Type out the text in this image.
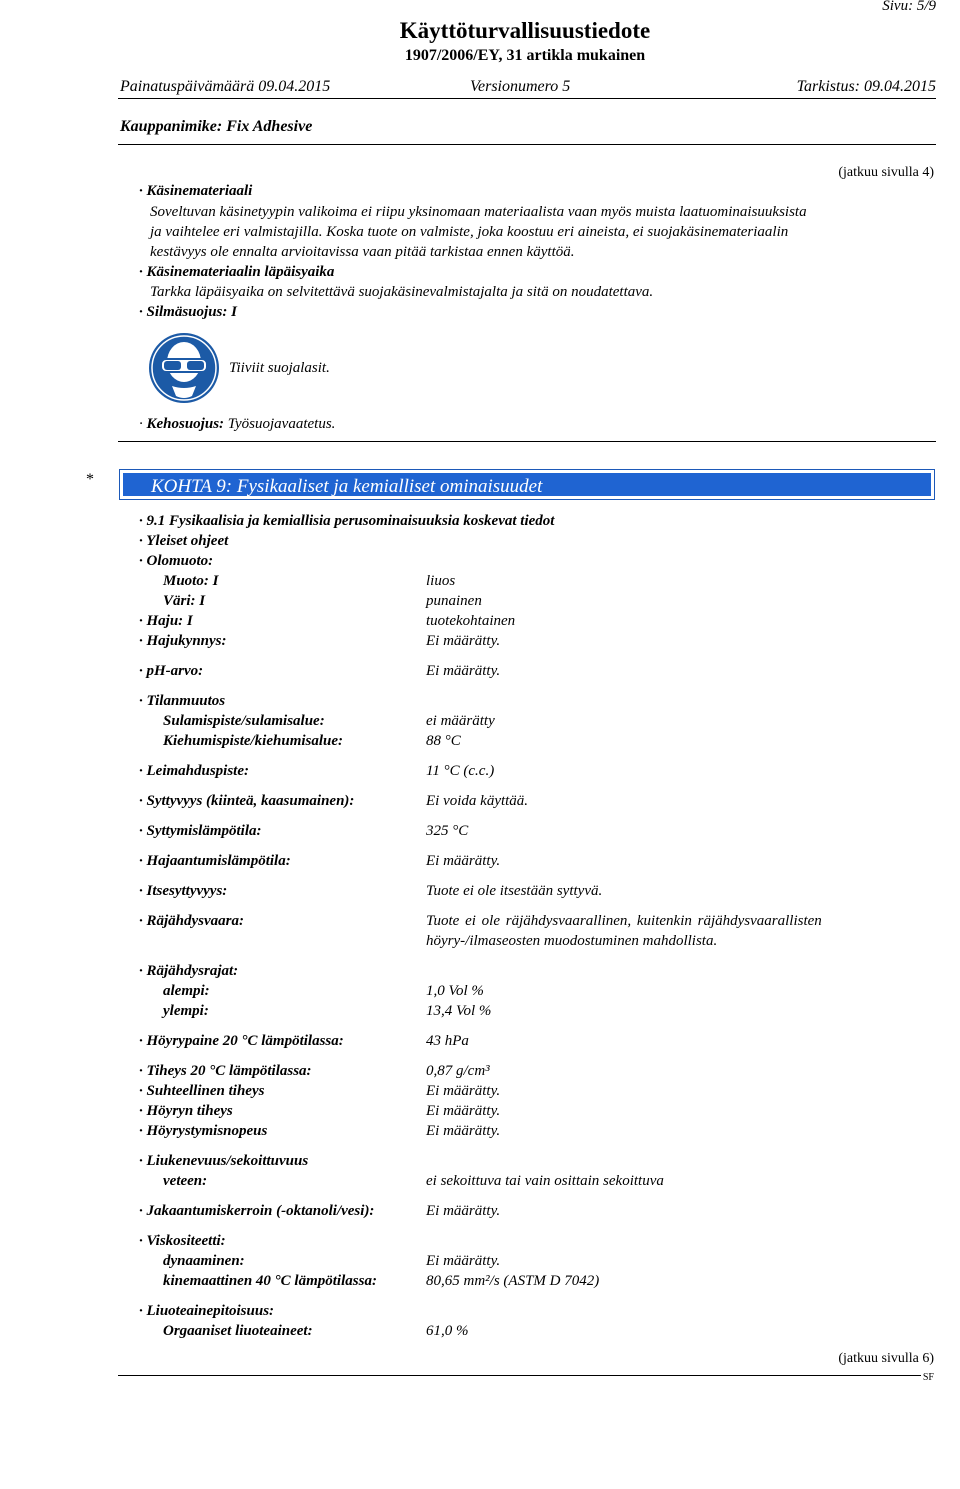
Sivu: 5/9
Käyttöturvallisuustiedote
1907/2006/EY, 31 artikla mukainen
Painatuspäivämäärä 09.04.2015	Versionumero 5	Tarkistus: 09.04.2015
Kauppanimike: Fix Adhesive
(jatkuu sivulla 4)
· Käsinemateriaali
Soveltuvan käsinetyypin valikoima ei riipu yksinomaan materiaalista vaan myös muista laatuominaisuuksista
ja vaihtelee eri valmistajilla. Koska tuote on valmiste, joka koostuu eri aineista, ei suojakäsinemateriaalin
kestävyys ole ennalta arvioitavissa vaan pitää tarkistaa ennen käyttöä.
· Käsinemateriaalin läpäisyaika
Tarkka läpäisyaika on selvitettävä suojakäsinevalmistajalta ja sitä on noudatettava.
· Silmäsuojus: I
Tiiviit suojalasit.
· Kehosuojus: Työsuojavaatetus.
*	KOHTA 9: Fysikaaliset ja kemialliset ominaisuudet
· 9.1 Fysikaalisia ja kemiallisia perusominaisuuksia koskevat tiedot
· Yleiset ohjeet
· Olomuoto:
Muoto: I	liuos
Väri: I	punainen
· Haju: I	tuotekohtainen
· Hajukynnys:	Ei määrätty.
· pH-arvo:	Ei määrätty.
· Tilanmuutos
Sulamispiste/sulamisalue:	ei määrätty
Kiehumispiste/kiehumisalue:	88 °C
· Leimahduspiste:	11 °C (c.c.)
· Syttyvyys (kiinteä, kaasumainen):	Ei voida käyttää.
· Syttymislämpötila:	325 °C
· Hajaantumislämpötila:	Ei määrätty.
· Itsesyttyvyys:	Tuote ei ole itsestään syttyvä.
· Räjähdysvaara:	Tuote ei ole räjähdysvaarallinen, kuitenkin räjähdysvaarallisten
höyry-/ilmaseosten muodostuminen mahdollista.
· Räjähdysrajat:
alempi:	1,0 Vol %
ylempi:	13,4 Vol %
· Höyrypaine 20 °C lämpötilassa:	43 hPa
· Tiheys 20 °C lämpötilassa:	0,87 g/cm³
· Suhteellinen tiheys	Ei määrätty.
· Höyryn tiheys	Ei määrätty.
· Höyrystymisnopeus	Ei määrätty.
· Liukenevuus/sekoittuvuus
veteen:	ei sekoittuva tai vain osittain sekoittuva
· Jakaantumiskerroin (-oktanoli/vesi):	Ei määrätty.
· Viskositeetti:
dynaaminen:	Ei määrätty.
kinemaattinen 40 °C lämpötilassa:	80,65 mm²/s (ASTM D 7042)
· Liuoteainepitoisuus:
Orgaaniset liuoteaineet:	61,0 %
(jatkuu sivulla 6)
SF
